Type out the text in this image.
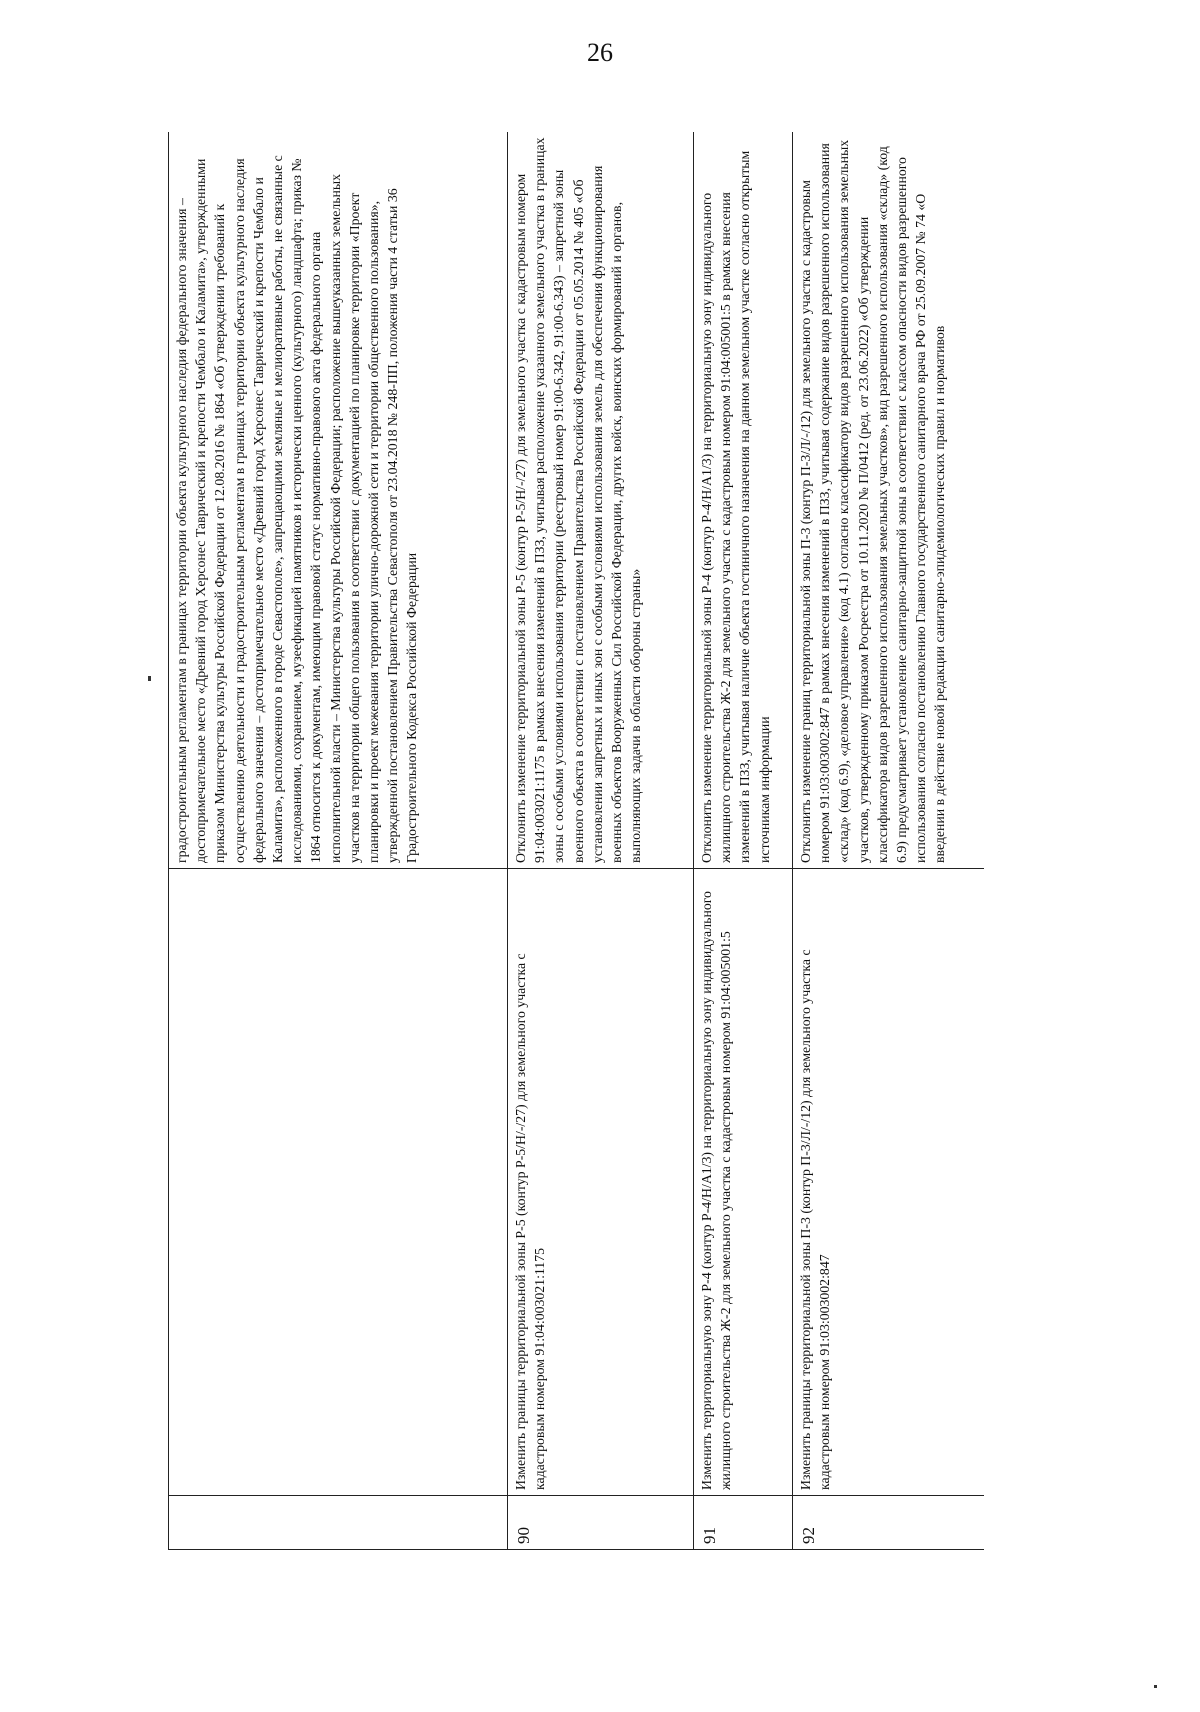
26
		градостроительным регламентам в границах территории объекта культурного наследия федерального значения – достопримечательное место «Древний город Херсонес Таврический и крепости Чембало и Каламита», утвержденными приказом Министерства культуры Российской Федерации от 12.08.2016 № 1864 «Об утверждении требований к осуществлению деятельности и градостроительным регламентам в границах территории объекта культурного наследия федерального значения – достопримечательное место «Древний город Херсонес Таврический и крепости Чембало и Каламита», расположенного в городе Севастополе», запрещающими земляные и мелиоративные работы, не связанные с исследованиями, сохранением, музеефикацией памятников и исторически ценного (культурного) ландшафта; приказ № 1864 относится к документам, имеющим правовой статус нормативно-правового акта федерального органа исполнительной власти – Министерства культуры Российской Федерации; расположение вышеуказанных земельных участков на территории общего пользования в соответствии с документацией по планировке территории «Проект планировки и проект межевания территории улично-дорожной сети и территории общественного пользования», утвержденной постановлением Правительства Севастополя от 23.04.2018 № 248-ПП, положения части 4 статьи 36 Градостроительного Кодекса Российской Федерации
90	Изменить границы территориальной зоны Р-5 (контур Р-5/Н/-/27) для земельного участка с кадастровым номером 91:04:003021:1175	Отклонить изменение территориальной зоны Р-5 (контур Р-5/Н/-/27) для земельного участка с кадастровым номером 91:04:003021:1175 в рамках внесения изменений в ПЗЗ, учитывая расположение указанного земельного участка в границах зоны с особыми условиями использования территории (реестровый номер 91:00-6.342, 91:00-6.343) – запретной зоны военного объекта в соответствии с постановлением Правительства Российской Федерации от 05.05.2014 № 405 «Об установлении запретных и иных зон с особыми условиями использования земель для обеспечения функционирования военных объектов Вооруженных Сил Российской Федерации, других войск, воинских формирований и органов, выполняющих задачи в области обороны страны»
91	Изменить территориальную зону Р-4 (контур Р-4/Н/А1/3) на территориальную зону индивидуального жилищного строительства Ж-2 для земельного участка с кадастровым номером 91:04:005001:5	Отклонить изменение территориальной зоны Р-4 (контур Р-4/Н/А1/3) на территориальную зону индивидуального жилищного строительства Ж-2 для земельного участка с кадастровым номером 91:04:005001:5 в рамках внесения изменений в ПЗЗ, учитывая наличие объекта гостиничного назначения на данном земельном участке согласно открытым источникам информации
92	Изменить границы территориальной зоны П-3 (контур П-3/Л/-/12) для земельного участка с кадастровым номером 91:03:003002:847	Отклонить изменение границ территориальной зоны П-3 (контур П-3/Л/-/12) для земельного участка с кадастровым номером 91:03:003002:847 в рамках внесения изменений в ПЗЗ, учитывая содержание видов разрешенного использования «склад» (код 6.9), «деловое управление» (код 4.1) согласно классификатору видов разрешенного использования земельных участков, утвержденному приказом Росреестра от 10.11.2020 № П/0412 (ред. от 23.06.2022) «Об утверждении классификатора видов разрешенного использования земельных участков», вид разрешенного использования «склад» (код 6.9) предусматривает установление санитарно-защитной зоны в соответствии с классом опасности видов разрешенного использования согласно постановлению Главного государственного санитарного врача РФ от 25.09.2007 № 74 «О введении в действие новой редакции санитарно-эпидемиологических правил и нормативов
